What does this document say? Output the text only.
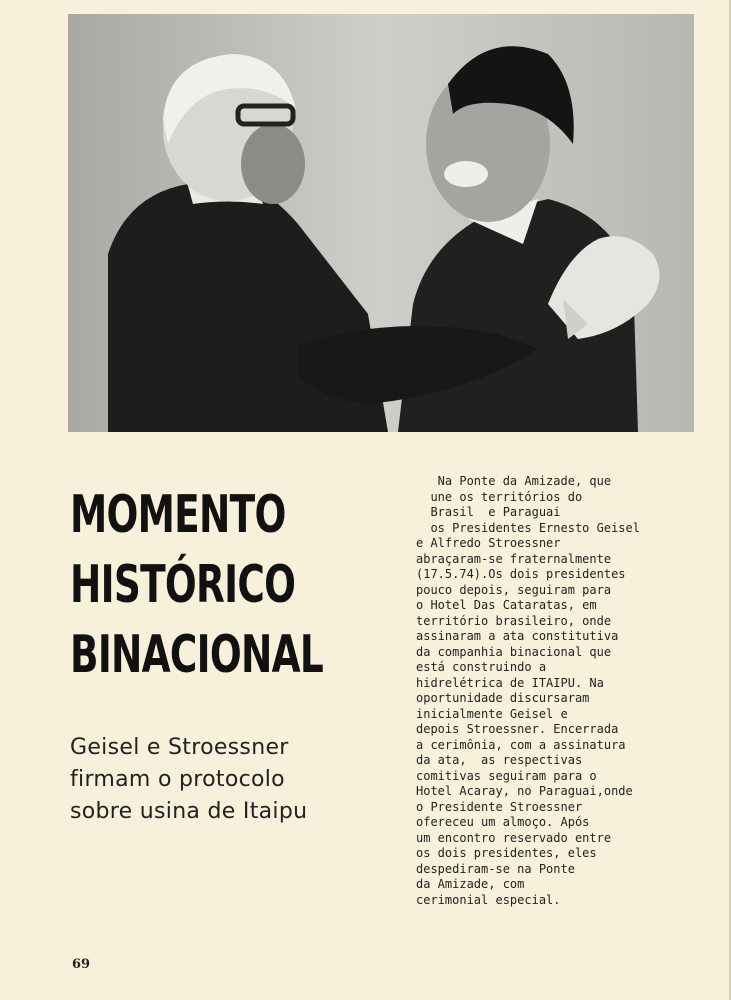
MOMENTO
HISTÓRICO
BINACIONAL
Geisel e Stroessner
firmam o protocolo
sobre usina de Itaipu
Na Ponte da Amizade, que
une os territórios do
Brasil  e Paraguai
os Presidentes Ernesto Geisel
e Alfredo Stroessner
abraçaram-se fraternalmente
(17.5.74).Os dois presidentes
pouco depois, seguiram para
o Hotel Das Cataratas, em
território brasileiro, onde
assinaram a ata constitutiva
da companhia binacional que
está construindo a
hidrelétrica de ITAIPU. Na
oportunidade discursaram
inicialmente Geisel e
depois Stroessner. Encerrada
a cerimônia, com a assinatura
da ata,  as respectivas
comitivas seguiram para o
Hotel Acaray, no Paraguai,onde
o Presidente Stroessner
ofereceu um almoço. Após
um encontro reservado entre
os dois presidentes, eles
despediram-se na Ponte
da Amizade, com
cerimonial especial.
69
